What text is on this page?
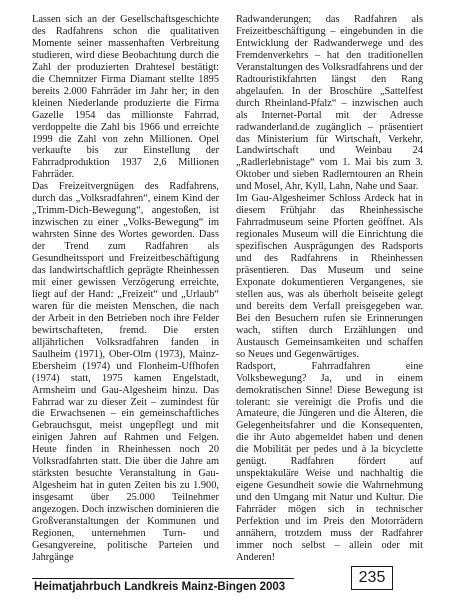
Lassen sich an der Gesellschaftsgeschichte des Radfahrens schon die qualitativen Momente seiner massenhaften Verbreitung studieren, wird diese Beobachtung durch die Zahl der produzierten Drahtesel bestätigt: die Chemnitzer Firma Diamant stellte 1895 bereits 2.000 Fahrräder im Jahr her; in den kleinen Niederlande produzierte die Firma Gazelle 1954 das millionste Fahrrad, verdoppelte die Zahl bis 1966 und erreichte 1999 die Zahl von zehn Millionen. Opel verkaufte bis zur Einstellung der Fahrradproduktion 1937 2,6 Millionen Fahrräder.

Das Freizeitvergnügen des Radfahrens, durch das „Volksradfahren“, einem Kind der „Trimm-Dich-Bewegung“, angestoßen, ist inzwischen zu einer „Volks-Bewegung“ im wahrsten Sinne des Wortes geworden. Dass der Trend zum Radfahren als Gesundheitssport und Freizeitbeschäftigung das landwirtschaftlich geprägte Rheinhessen mit einer gewissen Verzögerung erreichte, liegt auf der Hand: „Freizeit“ und „Urlaub“ waren für die meisten Menschen, die nach der Arbeit in den Betrieben noch ihre Felder bewirtschafteten, fremd. Die ersten alljährlichen Volksradfahren fanden in Saulheim (1971), Ober-Olm (1973), Mainz-Ebersheim (1974) und Flonheim-Uffhofen (1974) statt, 1975 kamen Engelstadt, Armsheim und Gau-Algesheim hinzu. Das Fahrrad war zu dieser Zeit – zumindest für die Erwachsenen – ein gemeinschaftliches Gebrauchsgut, meist ungepflegt und mit einigen Jahren auf Rahmen und Felgen. Heute finden in Rheinhessen noch 20 Volksradfahrten statt. Die über die Jahre am stärksten besuchte Veranstaltung in Gau-Algesheim hat in guten Zeiten bis zu 1.900, insgesamt über 25.000 Teilnehmer angezogen. Doch inzwischen dominieren die Großveranstaltungen der Kommunen und Regionen, unternehmen Turn- und Gesangvereine, politische Parteien und Jahrgänge

Radwanderungen; das Radfahren als Freizeitbeschäftigung – eingebunden in die Entwicklung der Radwanderwege und des Fremdenverkehrs – hat den traditionellen Veranstaltungen des Volksradfahrens und der Radtouristikfahrten längst den Rang abgelaufen. In der Broschüre „Sattelfest durch Rheinland-Pfalz“ – inzwischen auch als Internet-Portal mit der Adresse radwanderland.de zugänglich – präsentiert das Ministerium für Wirtschaft, Verkehr, Landwirtschaft und Weinbau 24 „Radlerlebnistage“ vom 1. Mai bis zum 3. Oktober und sieben Radlerntouren an Rhein und Mosel, Ahr, Kyll, Lahn, Nahe und Saar.

Im Gau-Algesheimer Schloss Ardeck hat in diesem Frühjahr das Rheinhessische Fahrradmuseum seine Pforten geöffnet. Als regionales Museum will die Einrichtung die spezifischen Ausprägungen des Radsports und des Radfahrens in Rheinhessen präsentieren. Das Museum und seine Exponate dokumentieren Vergangenes, sie stellen aus, was als überholt beiseite gelegt und bereits dem Verfall preisgegeben war. Bei den Besuchern rufen sie Erinnerungen wach, stiften durch Erzählungen und Austausch Gemeinsamkeiten und schaffen so Neues und Gegenwärtiges.

Radsport, Fahrradfahren eine Volksbewegung? Ja, und in einem demokratischen Sinne! Diese Bewegung ist tolerant: sie vereinigt die Profis und die Amateure, die Jüngeren und die Älteren, die Gelegenheitsfahrer und die Konsequenten, die ihr Auto abgemeldet haben und denen die Mobilität per pedes und à la bicyclette genügt. Radfahren fördert auf unspektakuläre Weise und nachhaltig die eigene Gesundheit sowie die Wahrnehmung und den Umgang mit Natur und Kultur. Die Fahrräder mögen sich in technischer Perfektion und im Preis den Motorrädern annähern, trotzdem muss der Radfahrer immer noch selbst – allein oder mit Anderen!

Heimatjahrbuch Landkreis Mainz-Bingen 2003
235
